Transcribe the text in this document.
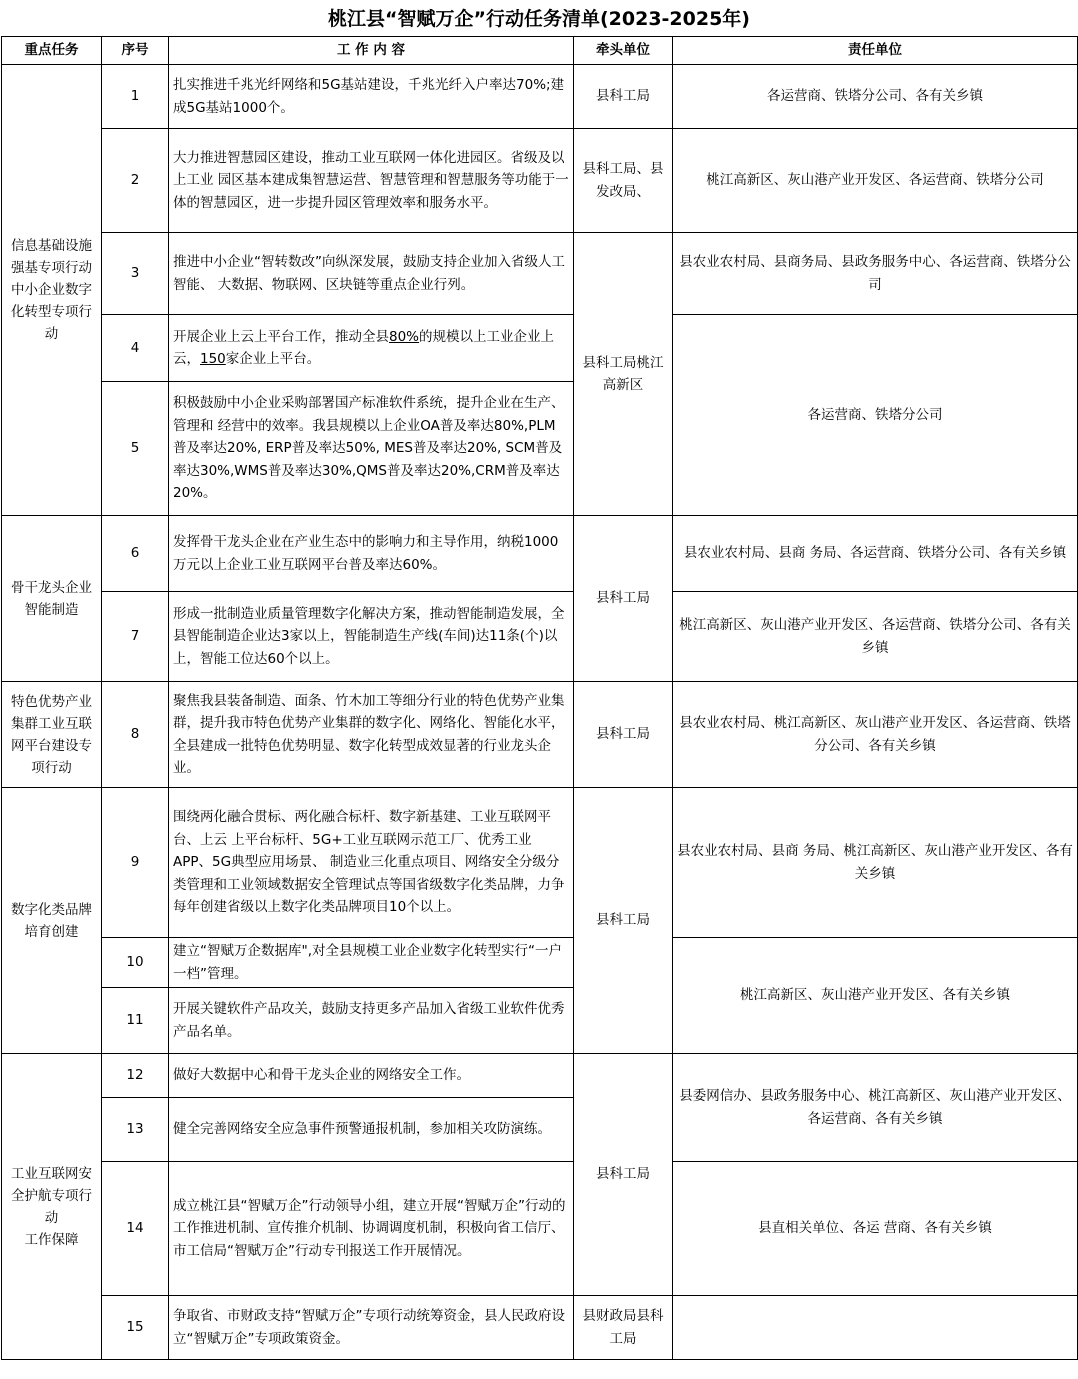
桃江县“智赋万企”行动任务清单(2023-2025年)
重点任务	序号	工 作 内 容	牵头单位	责任单位
信息基础设施强基专项行动
中小企业数字化转型专项行动	1	扎实推进千兆光纤网络和5G基站建设，千兆光纤入户率达70%;建成5G基站1000个。	县科工局	各运营商、铁塔分公司、各有关乡镇
	2	大力推进智慧园区建设，推动工业互联网一体化进园区。省级及以上工业 园区基本建成集智慧运营、智慧管理和智慧服务等功能于一体的智慧园区，进一步提升园区管理效率和服务水平。	县科工局、县发改局、	桃江高新区、灰山港产业开发区、各运营商、铁塔分公司
	3	推进中小企业“智转数改”向纵深发展，鼓励支持企业加入省级人工智能、 大数据、物联网、区块链等重点企业行列。	县科工局桃江高新区	县农业农村局、县商务局、县政务服务中心、各运营商、铁塔分公司
	4	开展企业上云上平台工作，推动全县80%的规模以上工业企业上云，150家企业上平台。		各运营商、铁塔分公司
	5	积极鼓励中小企业采购部署国产标准软件系统，提升企业在生产、管理和 经营中的效率。我县规模以上企业OA普及率达80%,PLM普及率达20%, ERP普及率达50%, MES普及率达20%, SCM普及率达30%,WMS普及率达30%,QMS普及率达20%,CRM普及率达20%。		
骨干龙头企业智能制造	6	发挥骨干龙头企业在产业生态中的影响力和主导作用，纳税1000万元以上企业工业互联网平台普及率达60%。	县科工局	县农业农村局、县商 务局、各运营商、铁塔分公司、各有关乡镇
	7	形成一批制造业质量管理数字化解决方案，推动智能制造发展，全县智能制造企业达3家以上，智能制造生产线(车间)达11条(个)以上，智能工位达60个以上。		桃江高新区、灰山港产业开发区、各运营商、铁塔分公司、各有关乡镇

特色优势产业集群工业互联网平台建设专项行动	8	聚焦我县装备制造、面条、竹木加工等细分行业的特色优势产业集群，提升我市特色优势产业集群的数字化、网络化、智能化水平，全县建成一批特色优势明显、数字化转型成效显著的行业龙头企业。	县科工局	县农业农村局、桃江高新区、灰山港产业开发区、各运营商、铁塔分公司、各有关乡镇
数字化类品牌培育创建	9	围绕两化融合贯标、两化融合标杆、数字新基建、工业互联网平台、上云 上平台标杆、5G+工业互联网示范工厂、优秀工业APP、5G典型应用场景、 制造业三化重点项目、网络安全分级分类管理和工业领域数据安全管理试点等国省级数字化类品牌，力争每年创建省级以上数字化类品牌项目10个以上。	县科工局	县农业农村局、县商 务局、桃江高新区、灰山港产业开发区、各有关乡镇
	10	建立“智赋万企数据库",对全县规模工业企业数字化转型实行“一户一档”管理。		桃江高新区、灰山港产业开发区、各有关乡镇
	11	开展关键软件产品攻关，鼓励支持更多产品加入省级工业软件优秀产品名单。		
工业互联网安全护航专项行动
工作保障	12	做好大数据中心和骨干龙头企业的网络安全工作。	县科工局	县委网信办、县政务服务中心、桃江高新区、灰山港产业开发区、各运营商、各有关乡镇
	13	健全完善网络安全应急事件预警通报机制，参加相关攻防演练。		
	14	成立桃江县“智赋万企”行动领导小组，建立开展“智赋万企”行动的工作推进机制、宣传推介机制、协调调度机制，积极向省工信厅、市工信局“智赋万企”行动专刊报送工作开展情况。		县直相关单位、各运 营商、各有关乡镇
	15	争取省、市财政支持“智赋万企”专项行动统筹资金，县人民政府设立“智赋万企”专项政策资金。	县财政局县科工局	
